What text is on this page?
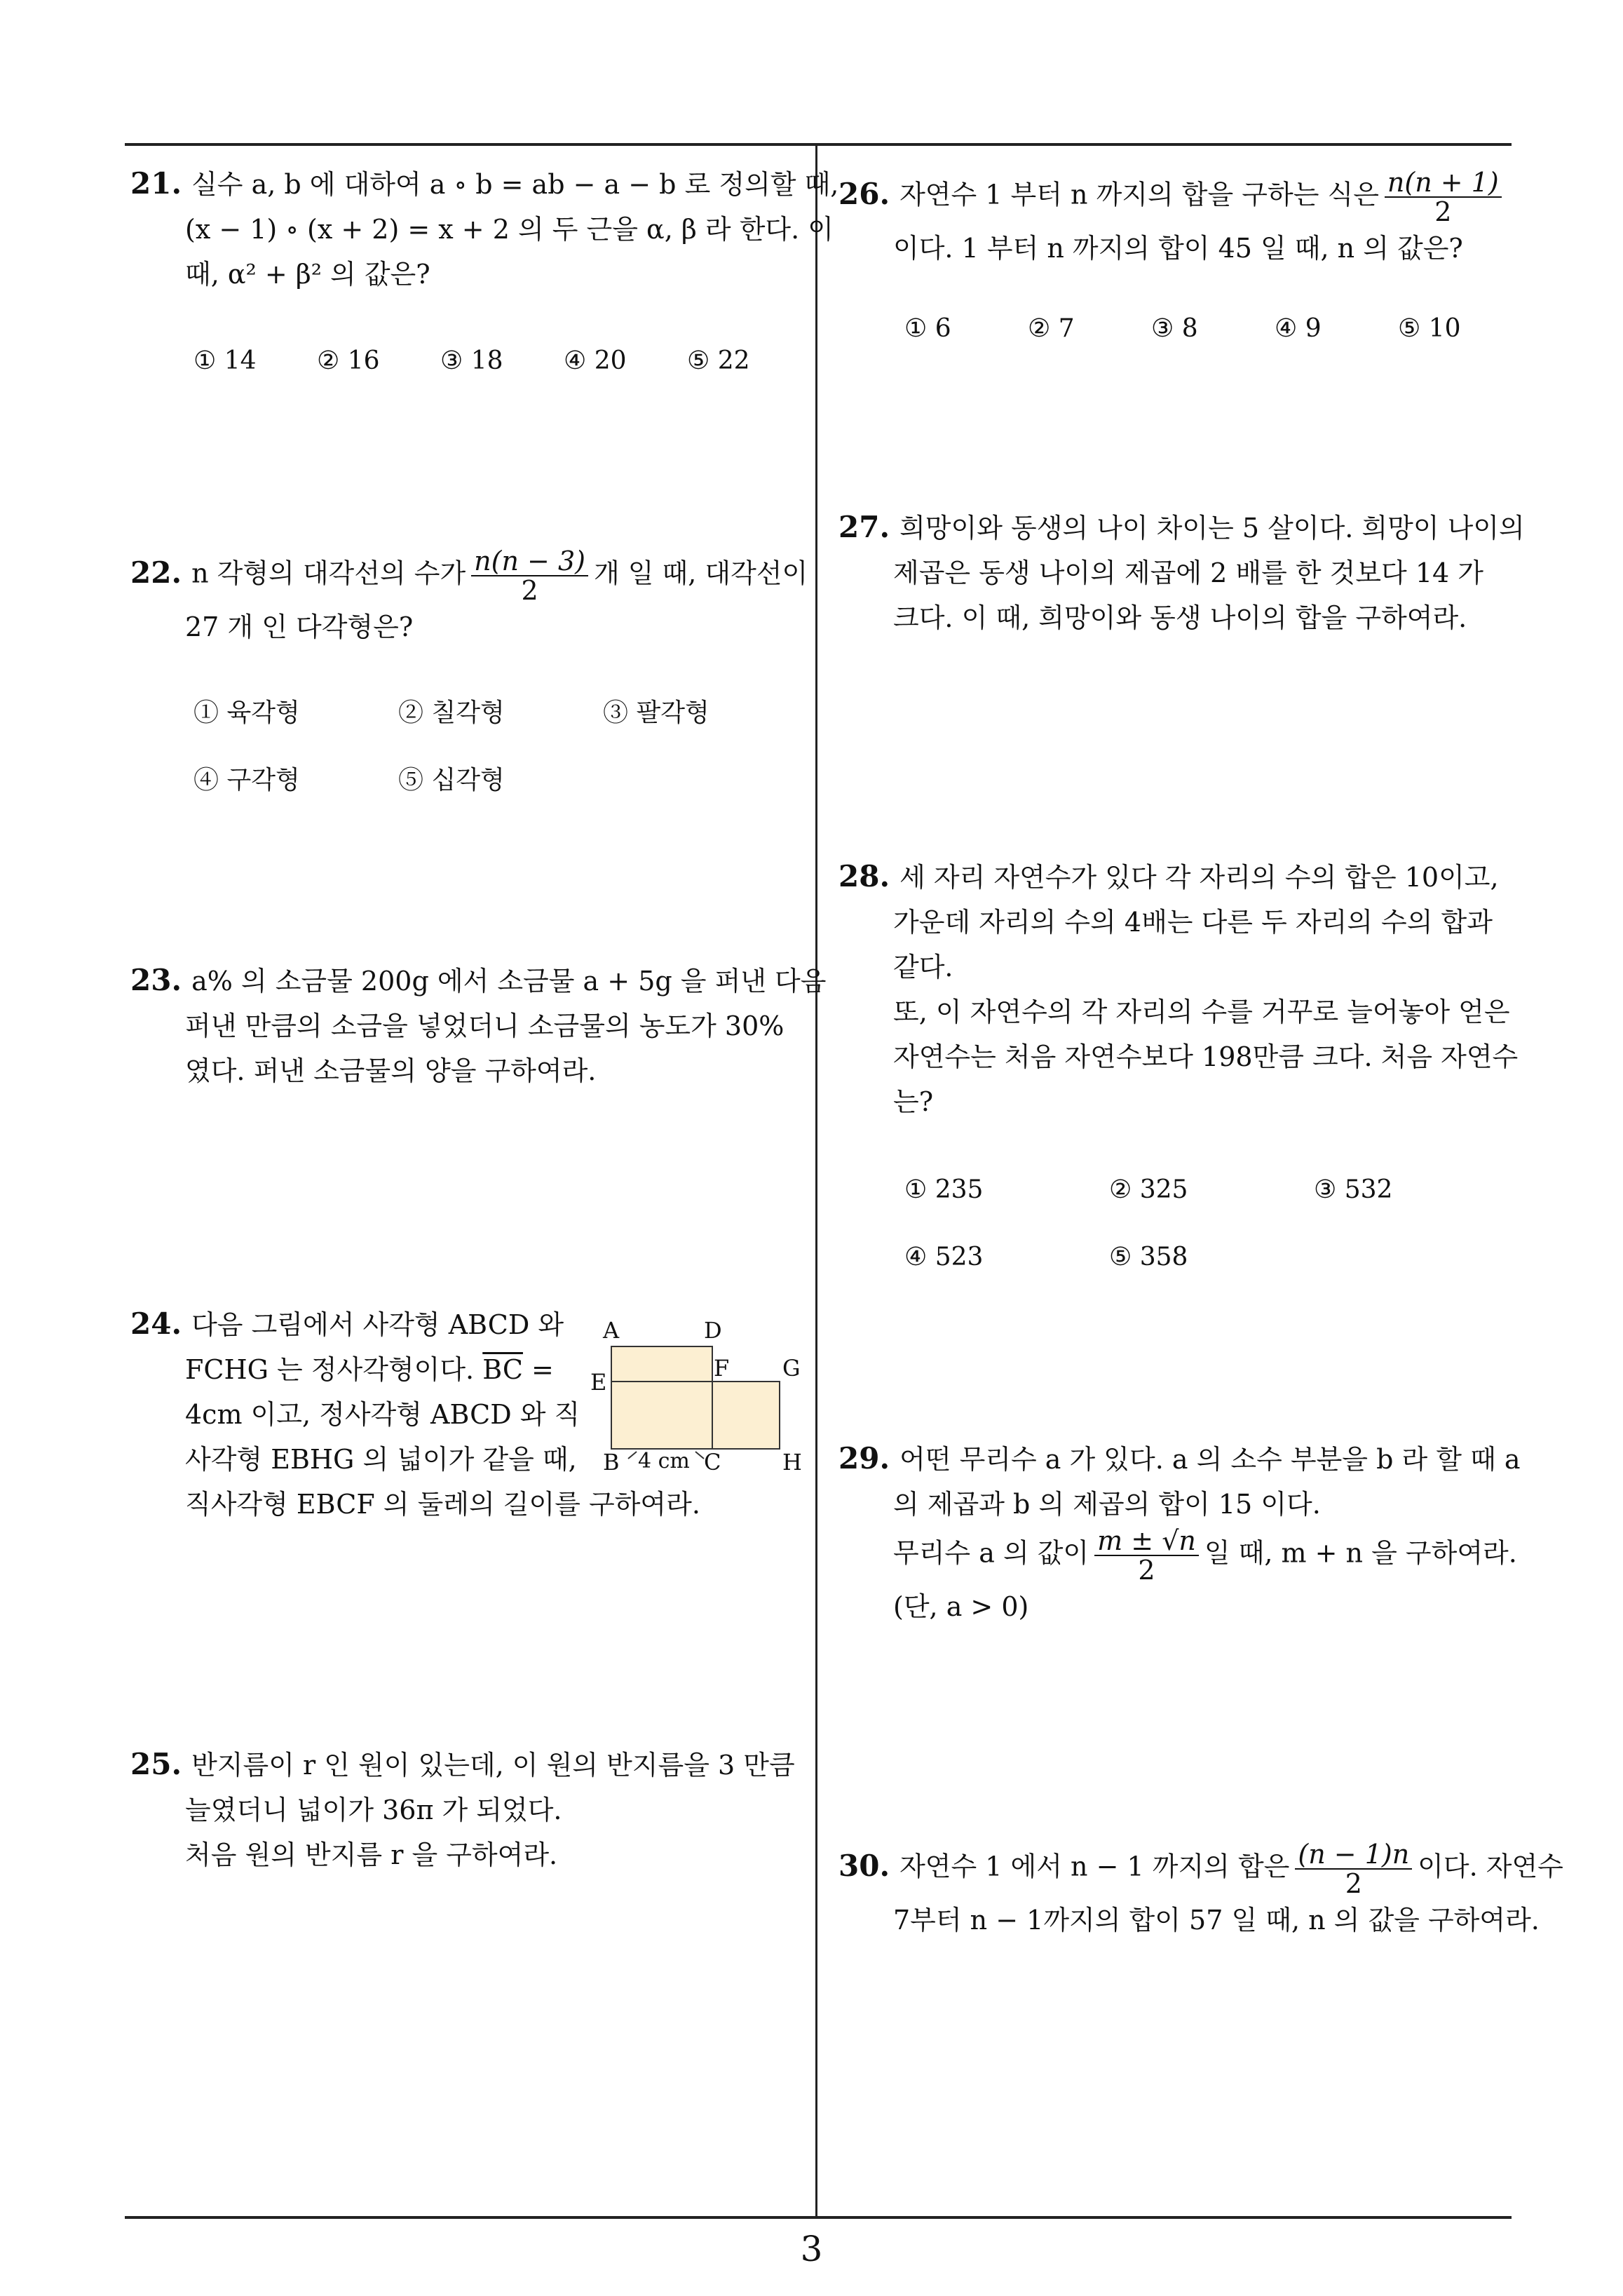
21. 실수 a, b 에 대하여 a ∘ b = ab − a − b 로 정의할 때,
(x − 1) ∘ (x + 2) = x + 2 의 두 근을 α, β 라 한다. 이
때, α² + β² 의 값은?
① 14 ② 16 ③ 18 ④ 20 ⑤ 22
22. n 각형의 대각선의 수가 $\frac{n(n - 3)}{2}$ 개 일 때, 대각선이
27 개 인 다각형은?
① 육각형	② 칠각형	③ 팔각형
④ 구각형	⑤ 십각형
23. a% 의 소금물 200g 에서 소금물 a + 5g 을 퍼낸 다음
퍼낸 만큼의 소금을 넣었더니 소금물의 농도가 30%
였다. 퍼낸 소금물의 양을 구하여라.
24. 다음 그림에서 사각형 ABCD 와
FCHG 는 정사각형이다. $\overline{BC}$ =
4cm 이고, 정사각형 ABCD 와 직
사각형 EBHG 의 넓이가 같을 때,
직사각형 EBCF 의 둘레의 길이를 구하여라.
A	D
E
F G
B	C	H
4 cm
25. 반지름이 r 인 원이 있는데, 이 원의 반지름을 3 만큼
늘였더니 넓이가 36π 가 되었다.
처음 원의 반지름 r 을 구하여라.
26. 자연수 1 부터 n 까지의 합을 구하는 식은 $\frac{n(n + 1)}{2}$
이다. 1 부터 n 까지의 합이 45 일 때, n 의 값은?
① 6	② 7	③ 8	④ 9	⑤ 10
27. 희망이와 동생의 나이 차이는 5 살이다. 희망이 나이의
제곱은 동생 나이의 제곱에 2 배를 한 것보다 14 가
크다. 이 때, 희망이와 동생 나이의 합을 구하여라.
28. 세 자리 자연수가 있다 각 자리의 수의 합은 10이고,
가운데 자리의 수의 4배는 다른 두 자리의 수의 합과
같다.
또, 이 자연수의 각 자리의 수를 거꾸로 늘어놓아 얻은
자연수는 처음 자연수보다 198만큼 크다. 처음 자연수
는?
① 235	② 325	③ 532
④ 523	⑤ 358
29. 어떤 무리수 a 가 있다. a 의 소수 부분을 b 라 할 때 a
의 제곱과 b 의 제곱의 합이 15 이다.
무리수 a 의 값이 $\frac{m \pm √n}{2}$ 일 때, m + n 을 구하여라.
(단, a > 0)
30. 자연수 1 에서 n − 1 까지의 합은 $\frac{(n - 1)n}{2}$ 이다. 자연수
7부터 n − 1까지의 합이 57 일 때, n 의 값을 구하여라.
3
